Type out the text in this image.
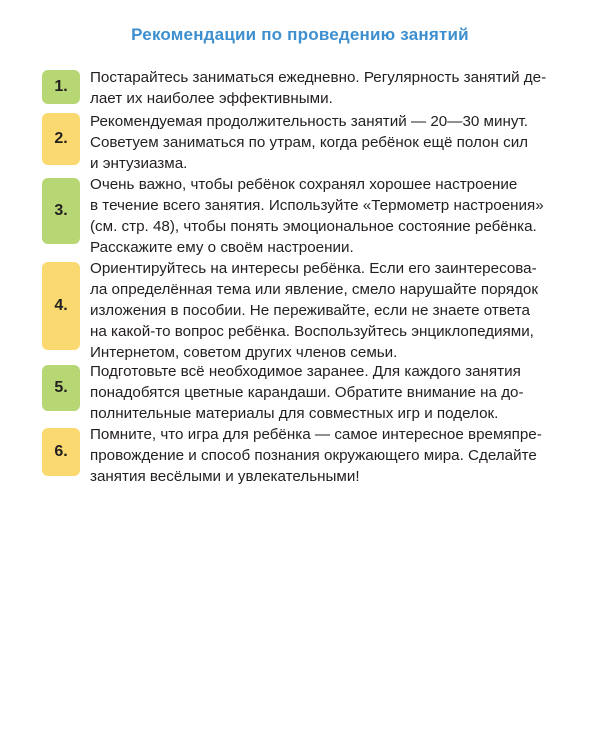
Рекомендации по проведению занятий
1.
Постарайтесь заниматься ежедневно. Регулярность занятий де-
лает их наиболее эффективными.
2.
Рекомендуемая продолжительность занятий — 20—30 минут.
Советуем заниматься по утрам, когда ребёнок ещё полон сил
и энтузиазма.
3.
Очень важно, чтобы ребёнок сохранял хорошее настроение
в течение всего занятия. Используйте «Термометр настроения»
(см. стр. 48), чтобы понять эмоциональное состояние ребёнка.
Расскажите ему о своём настроении.
4.
Ориентируйтесь на интересы ребёнка. Если его заинтересова-
ла определённая тема или явление, смело нарушайте порядок
изложения в пособии. Не переживайте, если не знаете ответа
на какой-то вопрос ребёнка. Воспользуйтесь энциклопедиями,
Интернетом, советом других членов семьи.
5.
Подготовьте всё необходимое заранее. Для каждого занятия
понадобятся цветные карандаши. Обратите внимание на до-
полнительные материалы для совместных игр и поделок.
6.
Помните, что игра для ребёнка — самое интересное времяпре-
провождение и способ познания окружающего мира. Сделайте
занятия весёлыми и увлекательными!
